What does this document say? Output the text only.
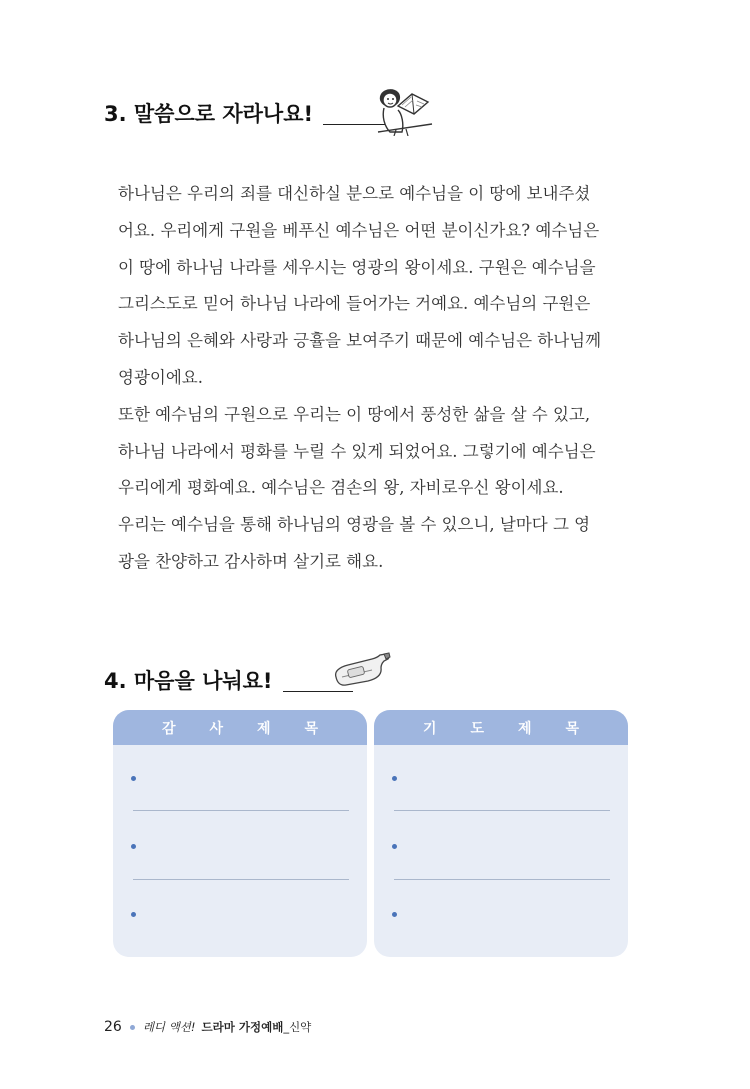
3. 말씀으로 자라나요!

하나님은 우리의 죄를 대신하실 분으로 예수님을 이 땅에 보내주셨

어요. 우리에게 구원을 베푸신 예수님은 어떤 분이신가요? 예수님은

이 땅에 하나님 나라를 세우시는 영광의 왕이세요. 구원은 예수님을

그리스도로 믿어 하나님 나라에 들어가는 거예요. 예수님의 구원은

하나님의 은혜와 사랑과 긍휼을 보여주기 때문에 예수님은 하나님께

영광이에요.

또한 예수님의 구원으로 우리는 이 땅에서 풍성한 삶을 살 수 있고,

하나님 나라에서 평화를 누릴 수 있게 되었어요. 그렇기에 예수님은

우리에게 평화예요. 예수님은 겸손의 왕, 자비로우신 왕이세요.

우리는 예수님을 통해 하나님의 영광을 볼 수 있으니, 날마다 그 영

광을 찬양하고 감사하며 살기로 해요.

4. 마음을 나눠요!
감 사 제 목	기 도 제 목
26 레디 액션! 드라마 가정예배 _신약
